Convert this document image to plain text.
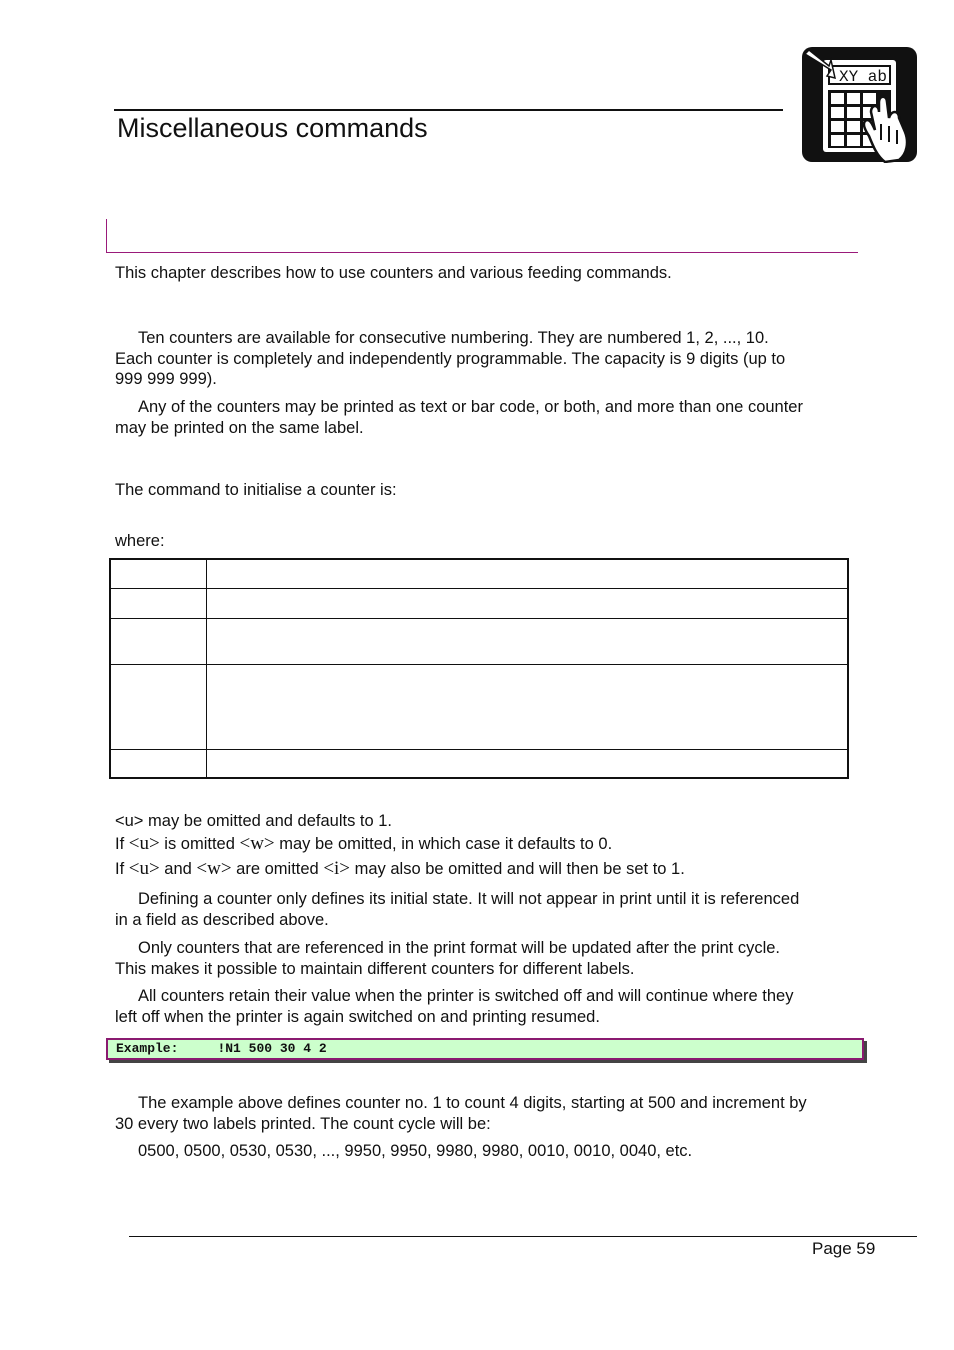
Miscellaneous commands
XY ab
This chapter describes how to use counters and various feeding commands.
Ten counters are available for consecutive numbering. They are numbered 1, 2, ..., 10.
Each counter is completely and independently programmable. The capacity is 9 digits (up to
999 999 999).
Any of the counters may be printed as text or bar code, or both, and more than one counter
may be printed on the same label.
The command to initialise a counter is:
where:

<u> may be omitted and defaults to 1.
If <u> is omitted <w> may be omitted, in which case it defaults to 0.
If <u> and <w> are omitted <i> may also be omitted and will then be set to 1.
Defining a counter only defines its initial state. It will not appear in print until it is referenced
in a field as described above.
Only counters that are referenced in the print format will be updated after the print cycle.
This makes it possible to maintain different counters for different labels.
All counters retain their value when the printer is switched off and will continue where they
left off when the printer is again switched on and printing resumed.
Example:	!N1 500 30 4 2
The example above defines counter no. 1 to count 4 digits, starting at 500 and increment by
30 every two labels printed. The count cycle will be:
0500, 0500, 0530, 0530, ..., 9950, 9950, 9980, 9980, 0010, 0010, 0040, etc.
Page 59
